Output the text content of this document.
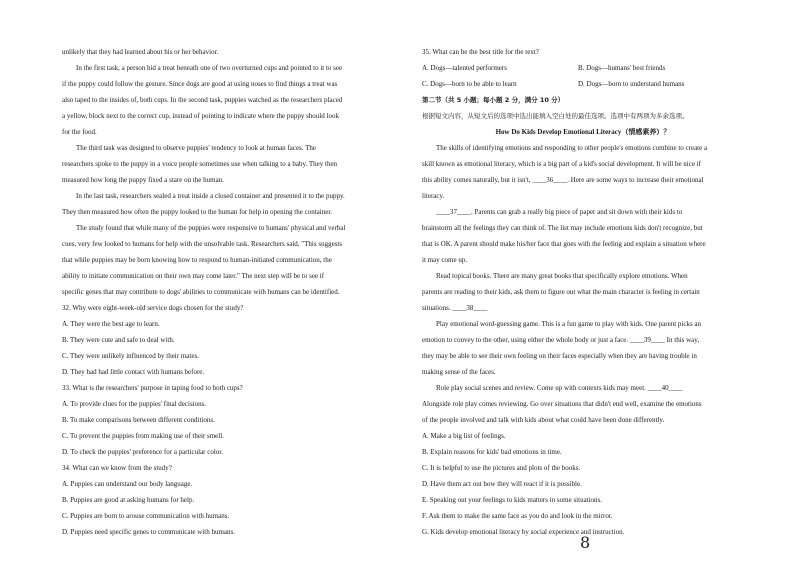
unlikely that they had learned about his or her behavior.
In the first task, a person hid a treat beneath one of two overturned cups and pointed to it to see
if the puppy could follow the gesture. Since dogs are good at using noses to find things a treat was
also taped to the insides of, both cups. In the second task, puppies watched as the researchers placed
a yellow, block next to the correct cup, instead of pointing to indicate where the puppy should look
for the food.
The third task was designed to observe puppies' tendency to look at human faces. The
researchers spoke to the puppy in a voice people sometimes use when talking to a baby. They then
measured how long the puppy fixed a stare on the human.
In the last task, researchers sealed a treat inside a closed container and presented it to the puppy.
They then measured how often the puppy looked to the human for help in opening the container.
The study found that while many of the puppies were responsive to humans' physical and verbal
cues, very few looked to humans for help with the unsolvable task. Researchers said, "This suggests
that while puppies may be born knowing how to respond to human-initiated communication, the
ability to initiate communication on their own may come later." The next step will be to see if
specific genes that may contribute to dogs' abilities to communicate with humans can be identified.
32. Why were eight-week-old service dogs chosen for the study?
A. They were the best age to learn.
B. They were cute and safe to deal with.
C. They were unlikely influenced by their mates.
D. They had had little contact with humans before.
33. What is the researchers' purpose in taping food to both cups?
A. To provide clues for the puppies' final decisions.
B. To make comparisons between different conditions.
C. To prevent the puppies from making use of their smell.
D. To check the puppies' preference for a particular color.
34. What can we know from the study?
A. Puppies can understand our body language.
B. Puppies are good at asking humans for help.
C. Puppies are born to arouse communication with humans.
D. Puppies need specific genes to communicate with humans.
35. What can be the best title for the text?
A. Dogs—talented performers	B. Dogs—humans' best friends
C. Dogs—born to be able to learn	D. Dogs—born to understand humans
第二节（共 5 小题；每小题 2 分，满分 10 分）
根据短文内容，从短文后的选项中选出能填入空白处的最佳选项。选项中有两项为多余选项。
How Do Kids Develop Emotional Literacy（情感素养）？
The skills of identifying emotions and responding to other people's emotions combine to create a
skill known as emotional literacy, which is a big part of a kid's social development. It will be nice if
this ability comes naturally, but it isn't, ____36____. Here are some ways to increase their emotional
literacy.
____37____. Parents can grab a really big piece of paper and sit down with their kids to
brainstorm all the feelings they can think of. The list may include emotions kids don't recognize, but
that is OK. A parent should make his/her face that goes with the feeling and explain a situation where
it may come up.
Read topical books. There are many great books that specifically explore emotions. When
parents are reading to their kids, ask them to figure out what the main character is feeling in certain
situations. ____38____
Play emotional word-guessing game. This is a fun game to play with kids. One parent picks an
emotion to convey to the other, using either the whole body or just a face. ____39____ In this way,
they may be able to see their own feeling on their faces especially when they are having trouble in
making sense of the faces.
Role play social scenes and review. Come up with contexts kids may meet. ____40____
Alongside role play comes reviewing. Go over situations that didn't end well, examine the emotions
of the people involved and talk with kids about what could have been done differently.
A. Make a big list of feelings.
B. Explain reasons for kids' bad emotions in time.
C. It is helpful to use the pictures and plots of the books.
D. Have them act out how they will react if it is possible.
E. Speaking out your feelings to kids matters in some situations.
F. Ask them to make the same face as you do and look in the mirror.
G. Kids develop emotional literacy by social experience and instruction.
8
